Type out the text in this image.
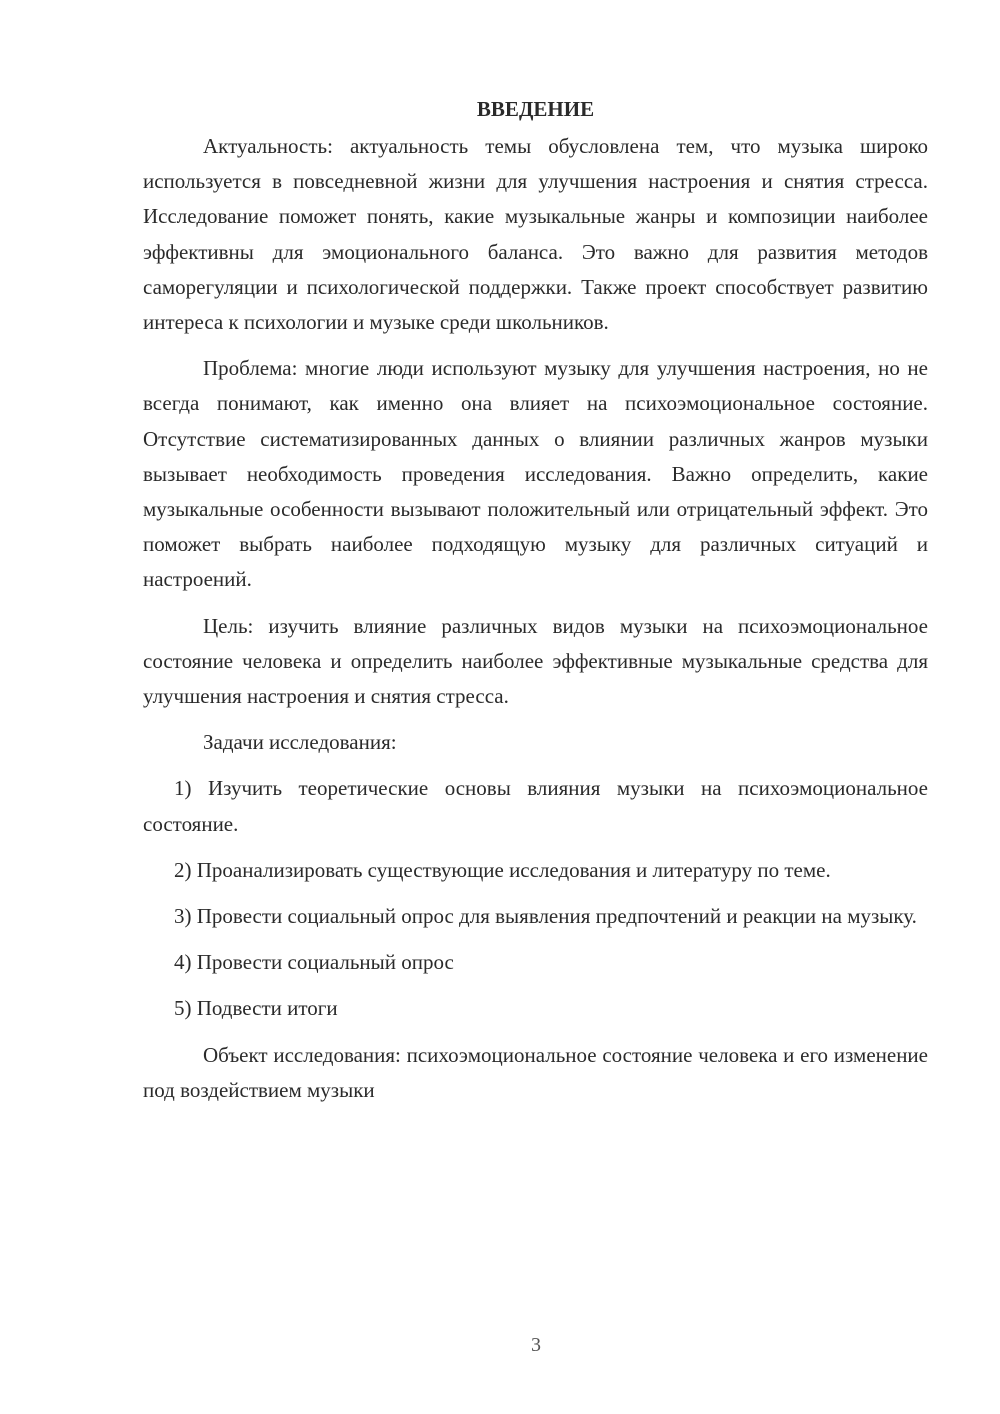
ВВЕДЕНИЕ

Актуальность: актуальность темы обусловлена тем, что музыка широко используется в повседневной жизни для улучшения настроения и снятия стресса. Исследование поможет понять, какие музыкальные жанры и композиции наиболее эффективны для эмоционального баланса. Это важно для развития методов саморегуляции и психологической поддержки. Также проект способствует развитию интереса к психологии и музыке среди школьников.

Проблема: многие люди используют музыку для улучшения настроения, но не всегда понимают, как именно она влияет на психоэмоциональное состояние. Отсутствие систематизированных данных о влиянии различных жанров музыки вызывает необходимость проведения исследования. Важно определить, какие музыкальные особенности вызывают положительный или отрицательный эффект. Это поможет выбрать наиболее подходящую музыку для различных ситуаций и настроений.

Цель: изучить влияние различных видов музыки на психоэмоциональное состояние человека и определить наиболее эффективные музыкальные средства для улучшения настроения и снятия стресса.

Задачи исследования:

1) Изучить теоретические основы влияния музыки на психоэмоциональное состояние.

2) Проанализировать существующие исследования и литературу по теме.

3) Провести социальный опрос для выявления предпочтений и реакции на музыку.

4) Провести социальный опрос

5) Подвести итоги

Объект исследования: психоэмоциональное состояние человека и его изменение под воздействием музыки

3
